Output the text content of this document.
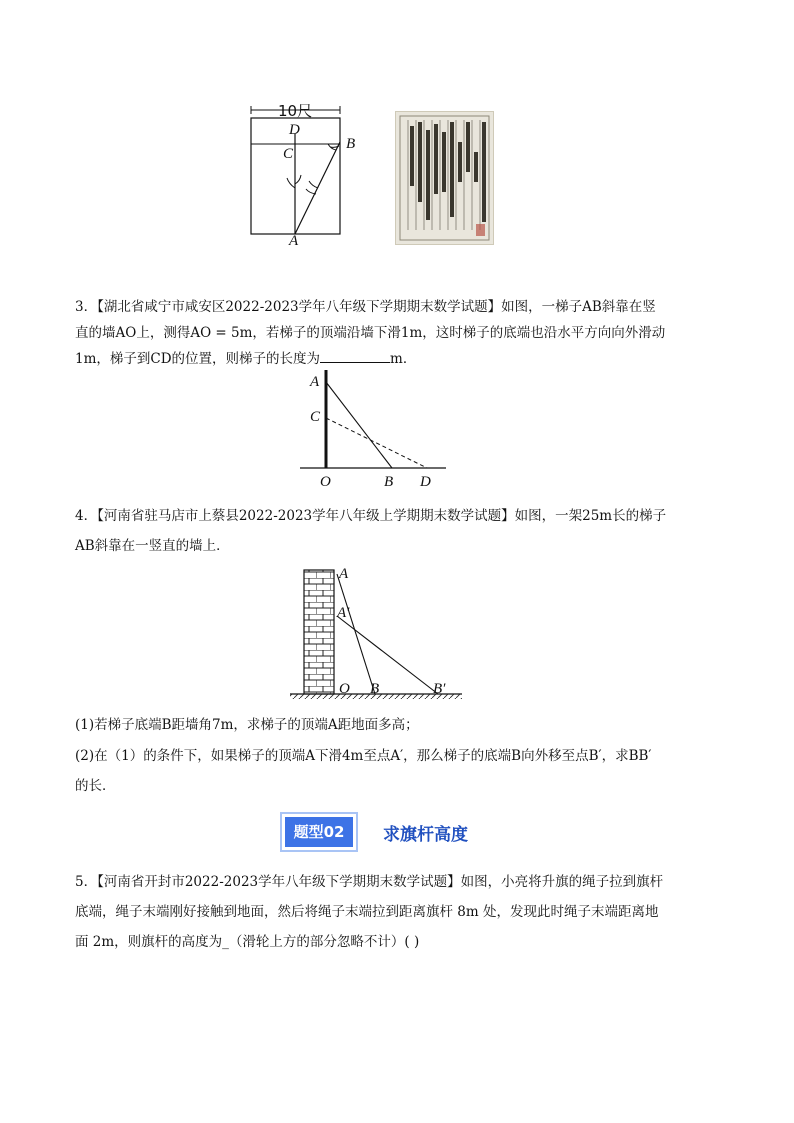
10尺
D
C
B
A
3．【湖北省咸宁市咸安区2022-2023学年八年级下学期期末数学试题】如图，一梯子AB斜靠在竖
直的墙AO上，测得AO = 5m，若梯子的顶端沿墙下滑1m，这时梯子的底端也沿水平方向向外滑动
1m，梯子到CD的位置，则梯子的长度为	m．
A
C
O	B D
4．【河南省驻马店市上蔡县2022-2023学年八年级上学期期末数学试题】如图，一架25m长的梯子
AB斜靠在一竖直的墙上．
A
A′
O B	B′
(1)若梯子底端B距墙角7m，求梯子的顶端A距地面多高；
(2)在（1）的条件下，如果梯子的顶端A下滑4m至点A′，那么梯子的底端B向外移至点B′，求BB′
的长．
题型02	求旗杆高度
5．【河南省开封市2022-2023学年八年级下学期期末数学试题】如图，小亮将升旗的绳子拉到旗杆
底端，绳子末端刚好接触到地面，然后将绳子末端拉到距离旗杆 8m 处，发现此时绳子末端距离地
面 2m，则旗杆的高度为_（滑轮上方的部分忽略不计）( )
